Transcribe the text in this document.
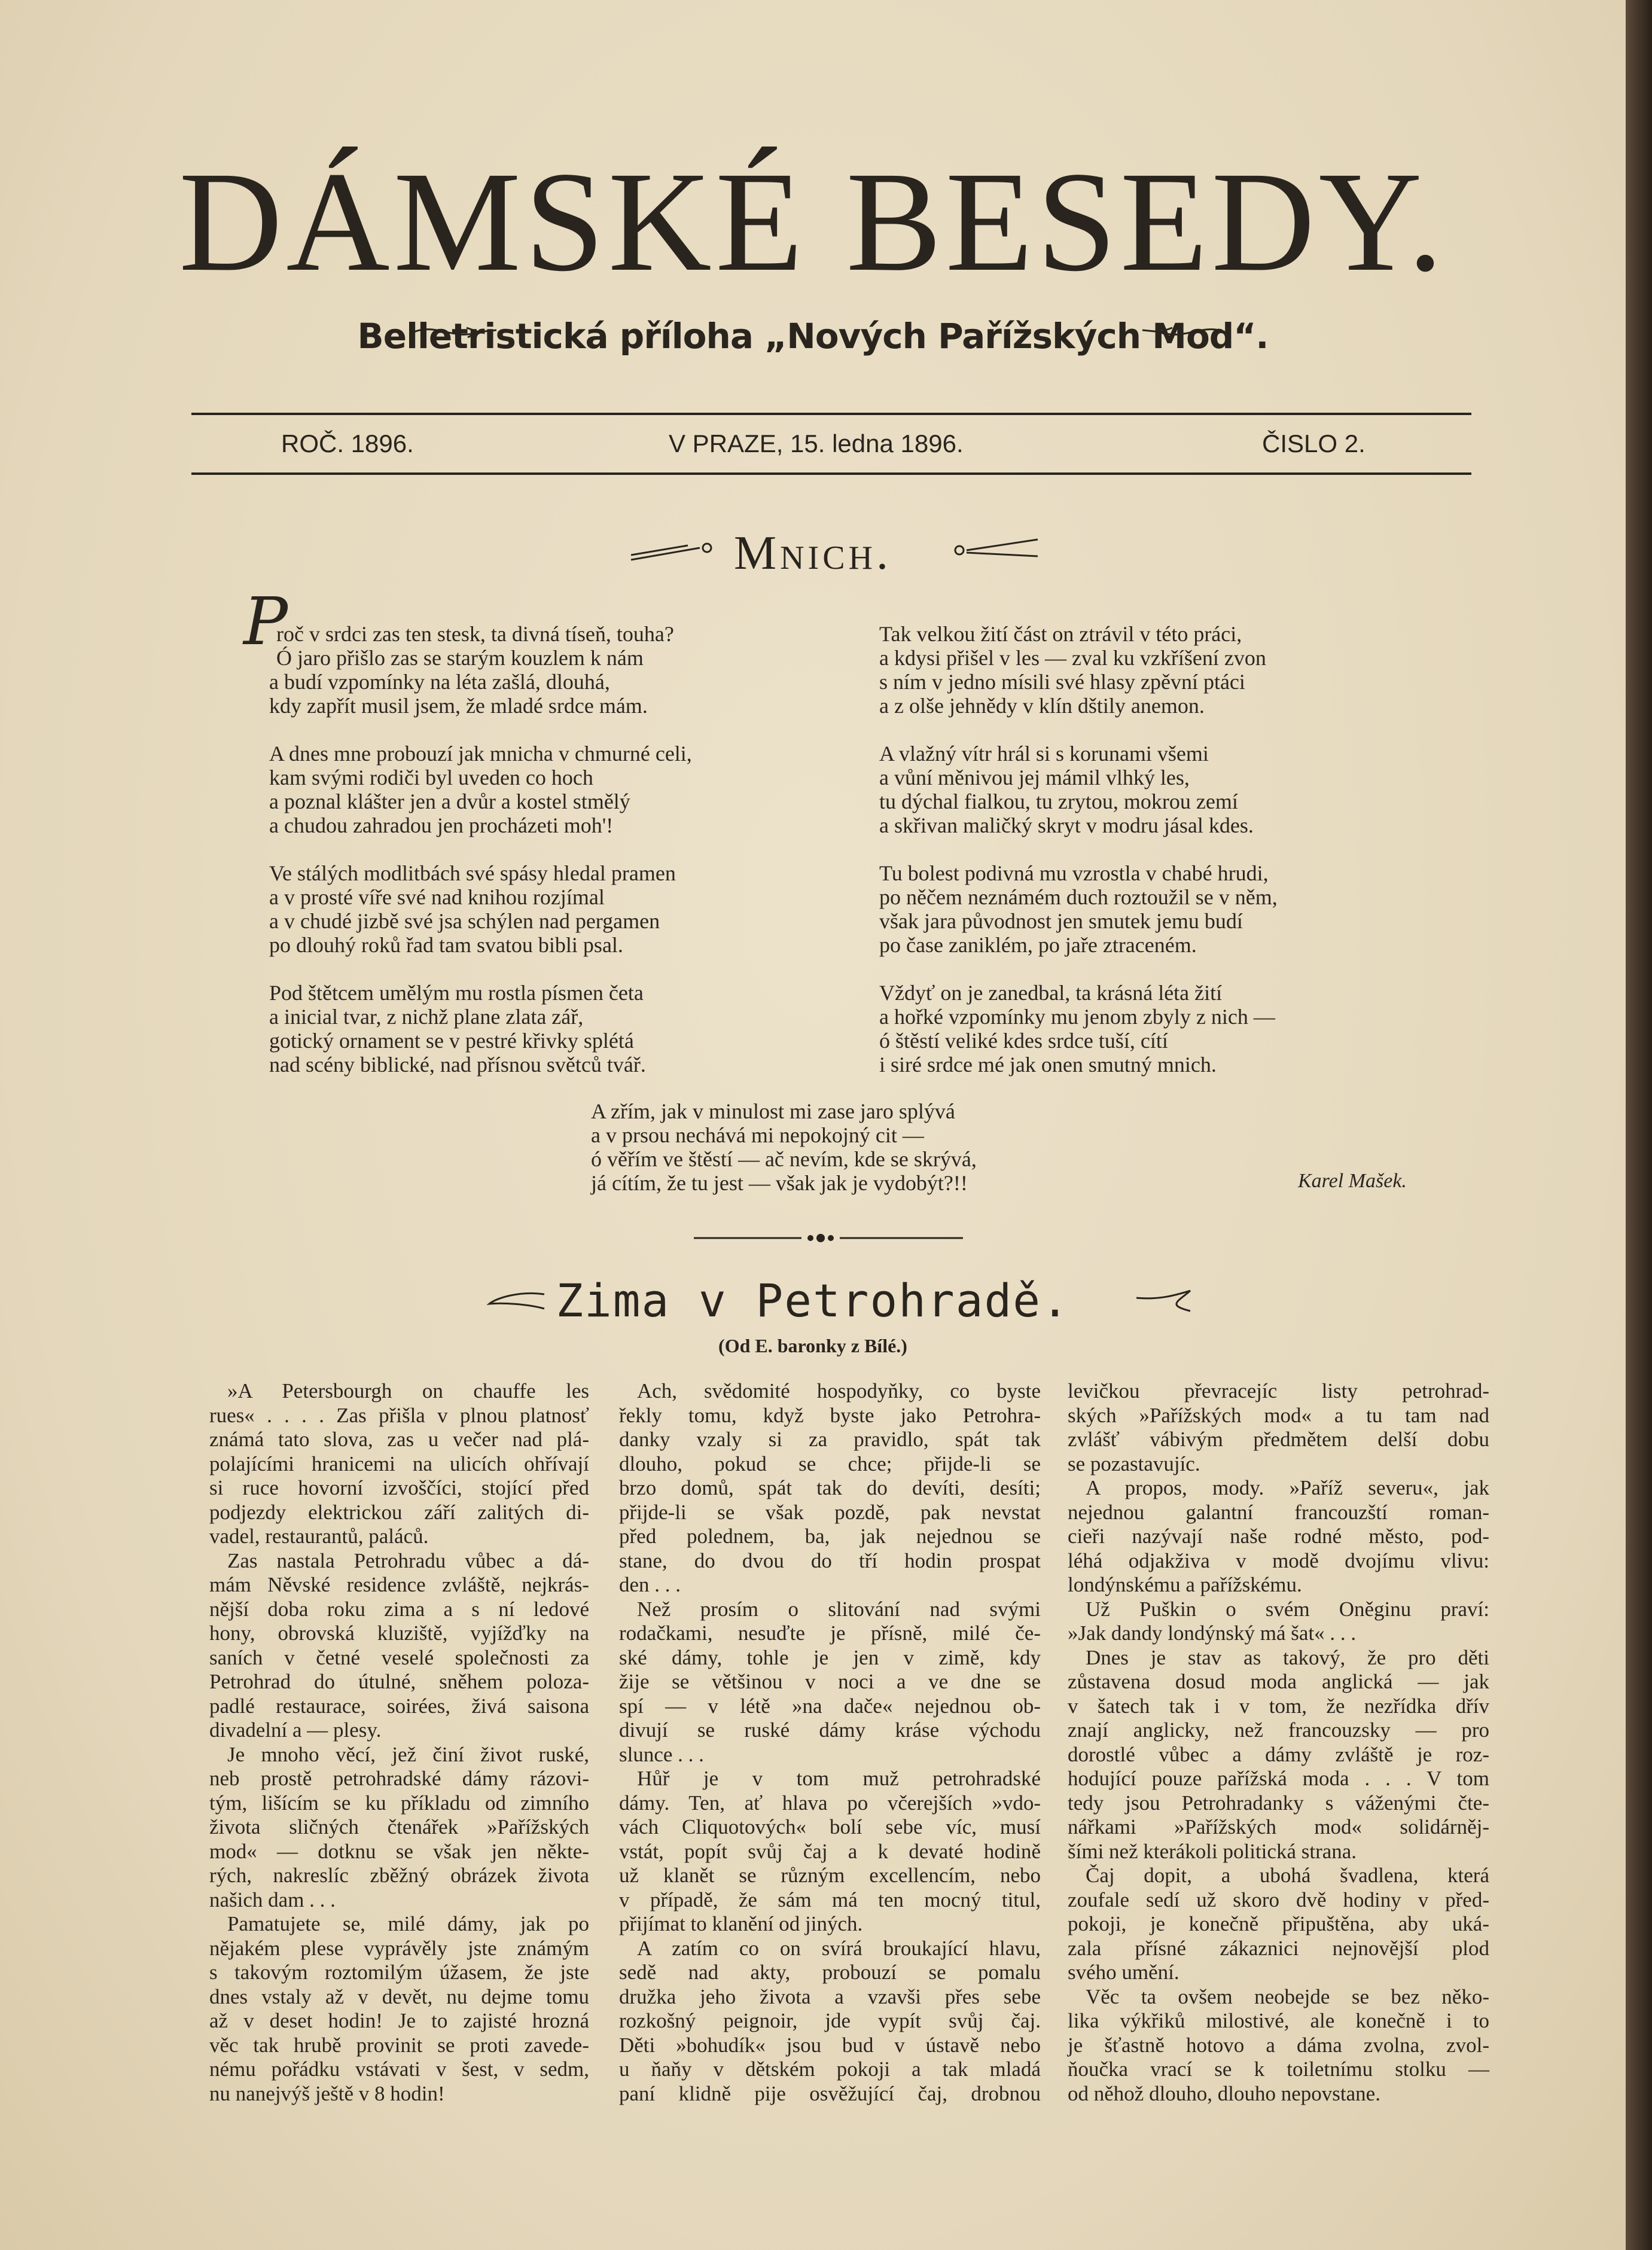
DÁMSKÉ BESEDY.
Belletristická příloha „Nových Pařížských Mod“.
ROČ. 1896.	V PRAZE, 15. ledna 1896.	ČISLO 2.
Mnich.
P
roč v srdci zas ten stesk, ta divná tíseň, touha?
Ó jaro přišlo zas se starým kouzlem k nám
a budí vzpomínky na léta zašlá, dlouhá,
kdy zapřít musil jsem, že mladé srdce mám.
A dnes mne probouzí jak mnicha v chmurné celi,
kam svými rodiči byl uveden co hoch
a poznal klášter jen a dvůr a kostel stmělý
a chudou zahradou jen procházeti moh'!
Ve stálých modlitbách své spásy hledal pramen
a v prosté víře své nad knihou rozjímal
a v chudé jizbě své jsa schýlen nad pergamen
po dlouhý roků řad tam svatou bibli psal.
Pod štětcem umělým mu rostla písmen četa
a inicial tvar, z nichž plane zlata zář,
gotický ornament se v pestré křivky splétá
nad scény biblické, nad přísnou světců tvář.
Tak velkou žití část on ztrávil v této práci,
a kdysi přišel v les — zval ku vzkříšení zvon
s ním v jedno mísili své hlasy zpěvní ptáci
a z olše jehnědy v klín dštily anemon.
A vlažný vítr hrál si s korunami všemi
a vůní měnivou jej mámil vlhký les,
tu dýchal fialkou, tu zrytou, mokrou zemí
a skřivan maličký skryt v modru jásal kdes.
Tu bolest podivná mu vzrostla v chabé hrudi,
po něčem neznámém duch roztoužil se v něm,
však jara původnost jen smutek jemu budí
po čase zaniklém, po jaře ztraceném.
Vždyť on je zanedbal, ta krásná léta žití
a hořké vzpomínky mu jenom zbyly z nich —
ó štěstí veliké kdes srdce tuší, cítí
i siré srdce mé jak onen smutný mnich.
A zřím, jak v minulost mi zase jaro splývá
a v prsou nechává mi nepokojný cit —
ó věřím ve štěstí — ač nevím, kde se skrývá,
já cítím, že tu jest — však jak je vydobýt?!!	Karel Mašek.
Zima v Petrohradě.
(Od E. baronky z Bílé.)
»A Petersbourgh on chauffe les
rues« . . . . Zas přišla v plnou platnosť
známá tato slova, zas u večer nad plá-
polajícími hranicemi na ulicích ohřívají
si ruce hovorní izvoščíci, stojící před
podjezdy elektrickou září zalitých di-
vadel, restaurantů, paláců.
Zas nastala Petrohradu vůbec a dá-
mám Něvské residence zvláště, nejkrás-
nější doba roku zima a s ní ledové
hony, obrovská kluziště, vyjížďky na
saních v četné veselé společnosti za
Petrohrad do útulné, sněhem poloza-
padlé restaurace, soirées, živá saisona
divadelní a — plesy.
Je mnoho věcí, jež činí život ruské,
neb prostě petrohradské dámy rázovi-
tým, lišícím se ku příkladu od zimního
života sličných čtenářek »Pařížských
mod« — dotknu se však jen někte-
rých, nakreslíc zběžný obrázek života
našich dam . . .
Pamatujete se, milé dámy, jak po
nějakém plese vyprávěly jste známým
s takovým roztomilým úžasem, že jste
dnes vstaly až v devět, nu dejme tomu
až v deset hodin! Je to zajisté hrozná
věc tak hrubě provinit se proti zavede-
nému pořádku vstávati v šest, v sedm,
nu nanejvýš ještě v 8 hodin!
Ach, svědomité hospodyňky, co byste
řekly tomu, když byste jako Petrohra-
danky vzaly si za pravidlo, spát tak
dlouho, pokud se chce; přijde-li se
brzo domů, spát tak do devíti, desíti;
přijde-li se však pozdě, pak nevstat
před polednem, ba, jak nejednou se
stane, do dvou do tří hodin prospat
den . . .
Než prosím o slitování nad svými
rodačkami, nesuďte je přísně, milé če-
ské dámy, tohle je jen v zimě, kdy
žije se většinou v noci a ve dne se
spí — v létě »na dače« nejednou ob-
divují se ruské dámy kráse východu
slunce . . .
Hůř je v tom muž petrohradské
dámy. Ten, ať hlava po včerejších »vdo-
vách Cliquotových« bolí sebe víc, musí
vstát, popít svůj čaj a k devaté hodině
už klanět se různým excellencím, nebo
v případě, že sám má ten mocný titul,
přijímat to klanění od jiných.
A zatím co on svírá broukající hlavu,
sedě nad akty, probouzí se pomalu
družka jeho života a vzavši přes sebe
rozkošný peignoir, jde vypít svůj čaj.
Děti »bohudík« jsou bud v ústavě nebo
u ňaňy v dětském pokoji a tak mladá
paní klidně pije osvěžující čaj, drobnou
levičkou převracejíc listy petrohrad-
ských »Pařížských mod« a tu tam nad
zvlášť vábivým předmětem delší dobu
se pozastavujíc.
A propos, mody. »Paříž severu«, jak
nejednou galantní francouzští roman-
cieři nazývají naše rodné město, pod-
léhá odjakživa v modě dvojímu vlivu:
londýnskému a pařížskému.
Už Puškin o svém Oněginu praví:
»Jak dandy londýnský má šat« . . .
Dnes je stav as takový, že pro děti
zůstavena dosud moda anglická — jak
v šatech tak i v tom, že nezřídka dřív
znají anglicky, než francouzsky — pro
dorostlé vůbec a dámy zvláště je roz-
hodující pouze pařížská moda . . . V tom
tedy jsou Petrohradanky s váženými čte-
nářkami »Pařížských mod« solidárněj-
šími než kterákoli politická strana.
Čaj dopit, a ubohá švadlena, která
zoufale sedí už skoro dvě hodiny v před-
pokoji, je konečně připuštěna, aby uká-
zala přísné zákaznici nejnovější plod
svého umění.
Věc ta ovšem neobejde se bez něko-
lika výkřiků milostivé, ale konečně i to
je šťastně hotovo a dáma zvolna, zvol-
ňoučka vrací se k toiletnímu stolku —
od něhož dlouho, dlouho nepovstane.
